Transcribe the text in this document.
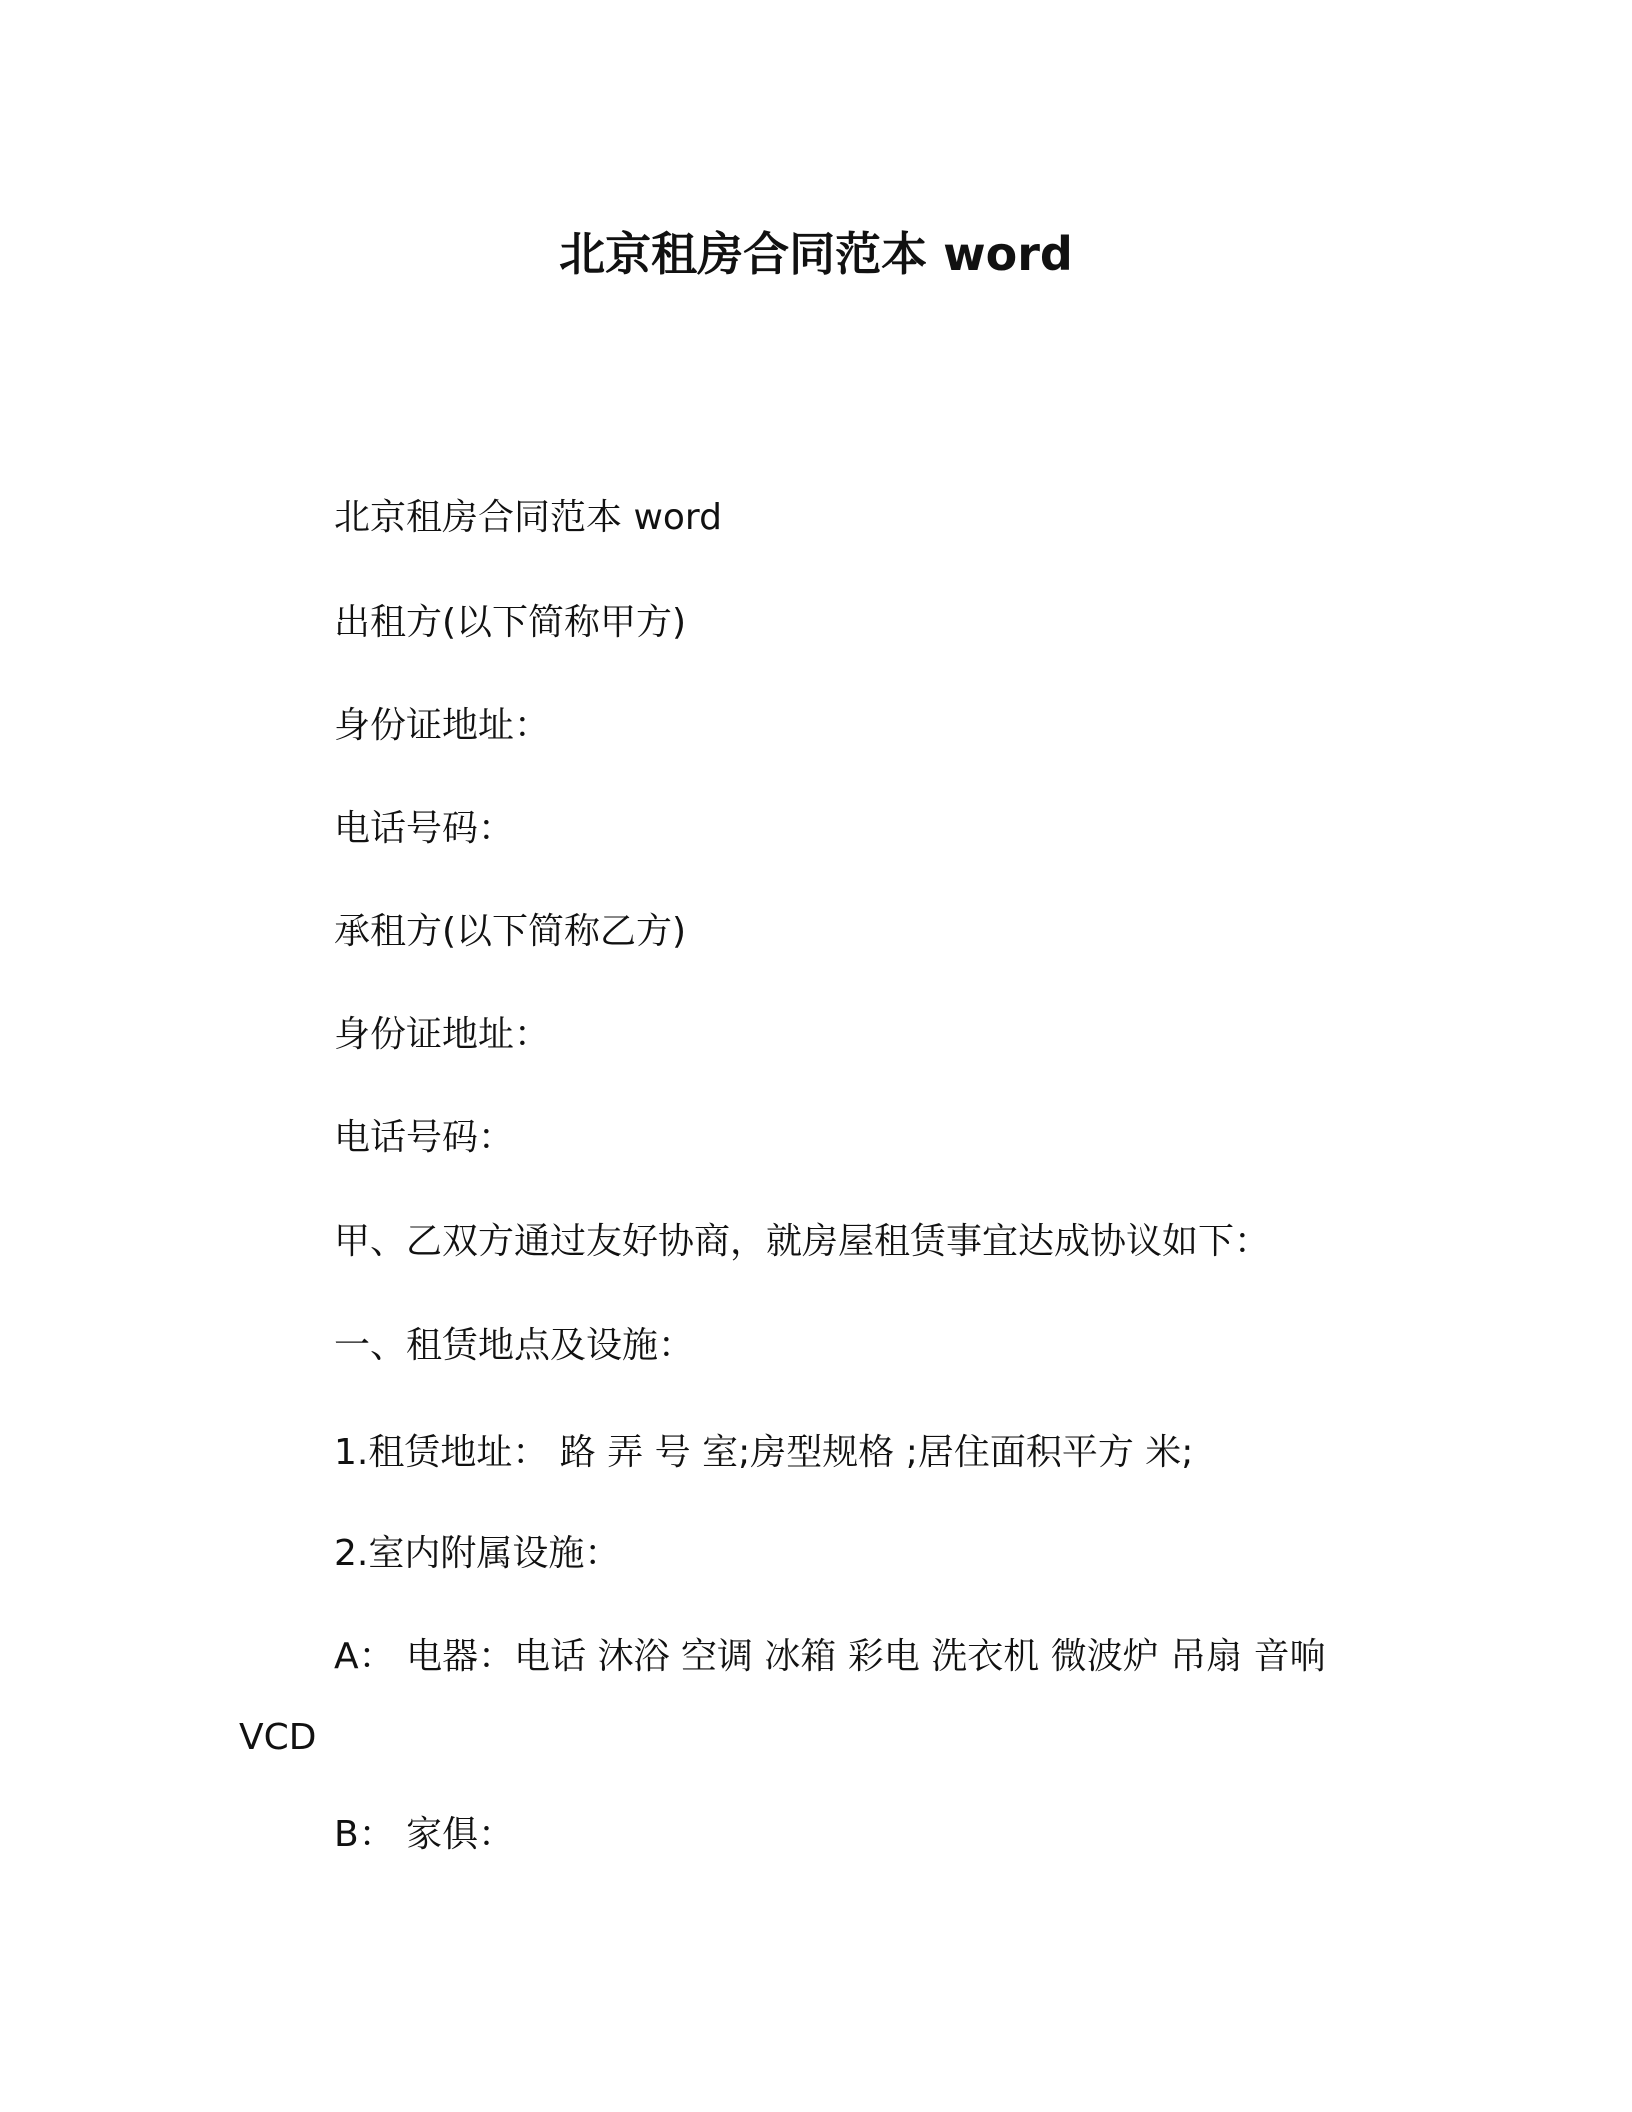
北京租房合同范本 word
北京租房合同范本 word
出租方(以下简称甲方)
身份证地址：
电话号码：
承租方(以下简称乙方)
身份证地址：
电话号码：
甲、乙双方通过友好协商，就房屋租赁事宜达成协议如下：
一、租赁地点及设施：
1.租赁地址： 路 弄 号 室;房型规格 ;居住面积平方 米;
2.室内附属设施：
A： 电器：电话 沐浴 空调 冰箱 彩电 洗衣机 微波炉 吊扇 音响
VCD
B： 家俱：
